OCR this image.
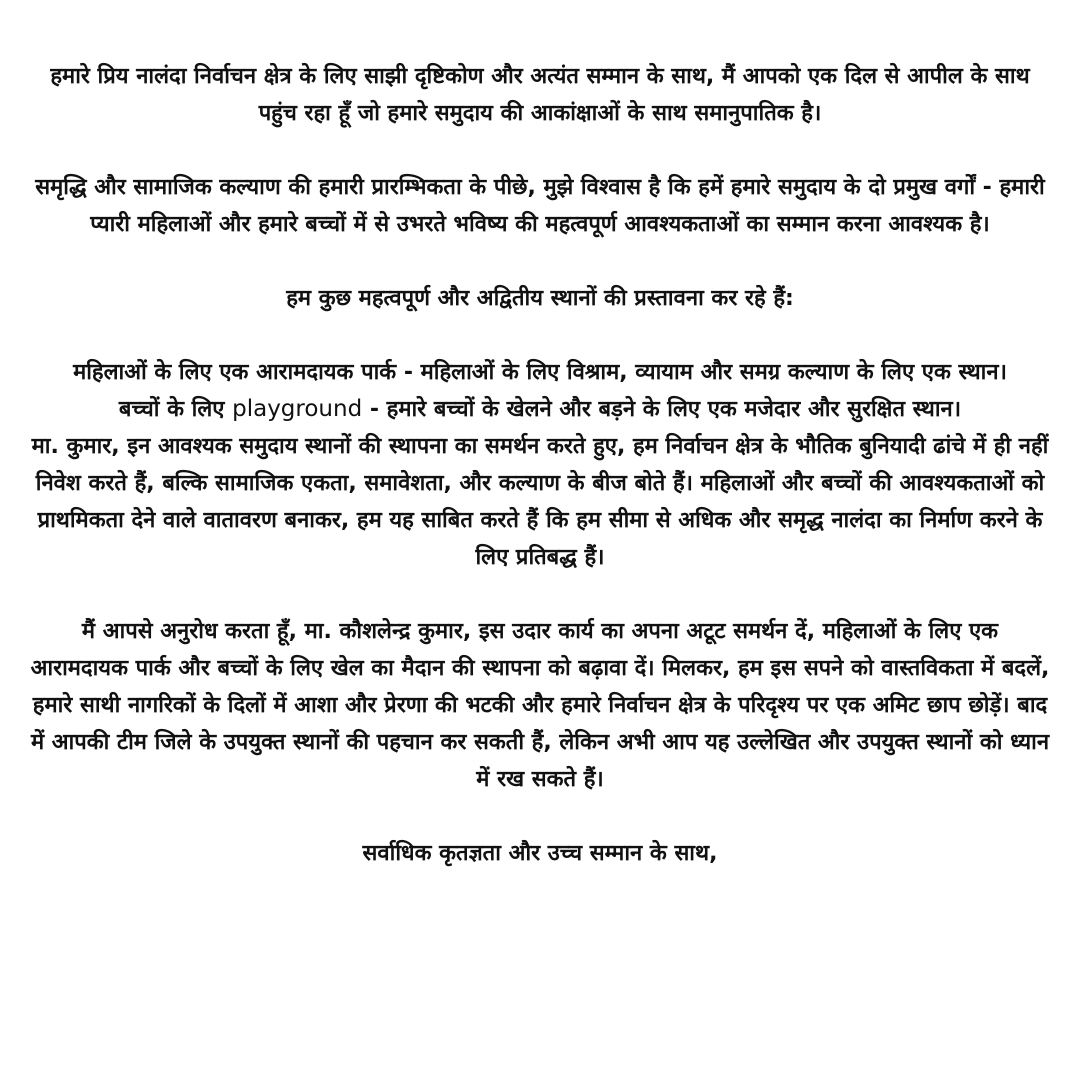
हमारे प्रिय नालंदा निर्वाचन क्षेत्र के लिए साझी दृष्टिकोण और अत्यंत सम्मान के साथ, मैं आपको एक दिल से आपील के साथ पहुंच रहा हूँ जो हमारे समुदाय की आकांक्षाओं के साथ समानुपातिक है।

समृद्धि और सामाजिक कल्याण की हमारी प्रारम्भिकता के पीछे, मुझे विश्वास है कि हमें हमारे समुदाय के दो प्रमुख वर्गों - हमारी प्यारी महिलाओं और हमारे बच्चों में से उभरते भविष्य की महत्वपूर्ण आवश्यकताओं का सम्मान करना आवश्यक है।

हम कुछ महत्वपूर्ण और अद्वितीय स्थानों की प्रस्तावना कर रहे हैं:

महिलाओं के लिए एक आरामदायक पार्क - महिलाओं के लिए विश्राम, व्यायाम और समग्र कल्याण के लिए एक स्थान।

बच्चों के लिए playground - हमारे बच्चों के खेलने और बड़ने के लिए एक मजेदार और सुरक्षित स्थान।

मा. कुमार, इन आवश्यक समुदाय स्थानों की स्थापना का समर्थन करते हुए, हम निर्वाचन क्षेत्र के भौतिक बुनियादी ढांचे में ही नहीं निवेश करते हैं, बल्कि सामाजिक एकता, समावेशता, और कल्याण के बीज बोते हैं। महिलाओं और बच्चों की आवश्यकताओं को प्राथमिकता देने वाले वातावरण बनाकर, हम यह साबित करते हैं कि हम सीमा से अधिक और समृद्ध नालंदा का निर्माण करने के लिए प्रतिबद्ध हैं।

मैं आपसे अनुरोध करता हूँ, मा. कौशलेन्द्र कुमार, इस उदार कार्य का अपना अटूट समर्थन दें, महिलाओं के लिए एक आरामदायक पार्क और बच्चों के लिए खेल का मैदान की स्थापना को बढ़ावा दें। मिलकर, हम इस सपने को वास्तविकता में बदलें, हमारे साथी नागरिकों के दिलों में आशा और प्रेरणा की भटकी और हमारे निर्वाचन क्षेत्र के परिदृश्य पर एक अमिट छाप छोड़ें। बाद में आपकी टीम जिले के उपयुक्त स्थानों की पहचान कर सकती हैं, लेकिन अभी आप यह उल्लेखित और उपयुक्त स्थानों को ध्यान में रख सकते हैं।

सर्वाधिक कृतज्ञता और उच्च सम्मान के साथ,
